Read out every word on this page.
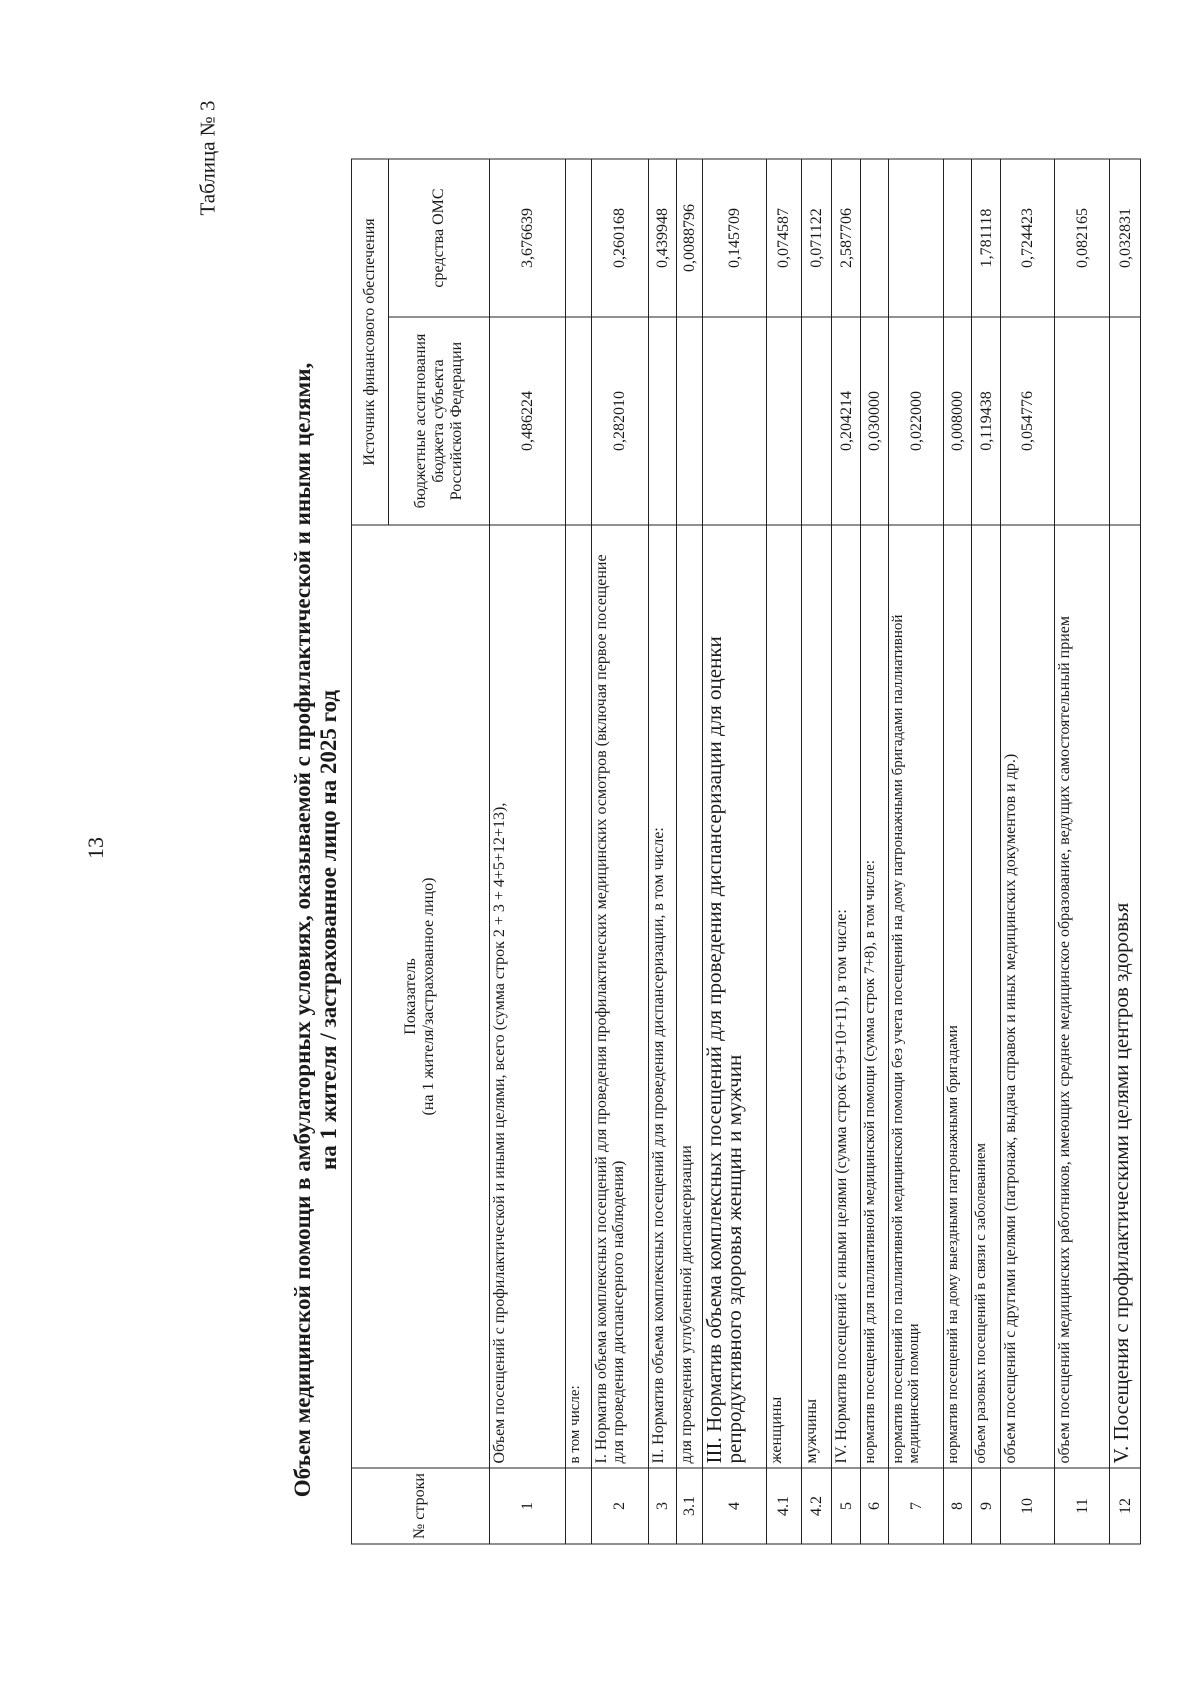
13
Таблица № 3
Объем медицинской помощи в амбулаторных условиях, оказываемой с профилактической и иными целями, на 1 жителя / застрахованное лицо на 2025 год
№ строки	Показатель (на 1 жителя/застрахованное лицо)	Источник финансового обеспечения	
		бюджетные ассигнования бюджета субъекта Российской Федерации	средства ОМС
1	Объем посещений с профилактической и иными целями, всего (сумма строк 2 + 3 + 4+5+12+13),	0,486224	3,676639
	в том числе:		
2	I. Норматив объема комплексных посещений для проведения профилактических медицинских осмотров (включая первое посещение для проведения диспансерного наблюдения)	0,282010	0,260168
3	II. Норматив объема комплексных посещений для проведения диспансеризации, в том числе:		0,439948
3.1	для проведения углубленной диспансеризации		0,0088796
4	III. Норматив объема комплексных посещений для проведения диспансеризации для оценки репродуктивного здоровья женщин и мужчин		0,145709
4.1	женщины		0,074587
4.2	мужчины		0,071122
5	IV. Норматив посещений с иными целями (сумма строк 6+9+10+11), в том числе:	0,204214	2,587706
6	норматив посещений для паллиативной медицинской помощи (сумма строк 7+8), в том числе:	0,030000	
7	норматив посещений по паллиативной медицинской помощи без учета посещений на дому патронажными бригадами паллиативной медицинской помощи	0,022000	
8	норматив посещений на дому выездными патронажными бригадами	0,008000	
9	объем разовых посещений в связи с заболеванием	0,119438	1,781118
10	объем посещений с другими целями (патронаж, выдача справок и иных медицинских документов и др.)	0,054776	0,724423
11	объем посещений медицинских работников, имеющих среднее медицинское образование, ведущих самостоятельный прием		0,082165
12	V. Посещения с профилактическими целями центров здоровья		0,032831
